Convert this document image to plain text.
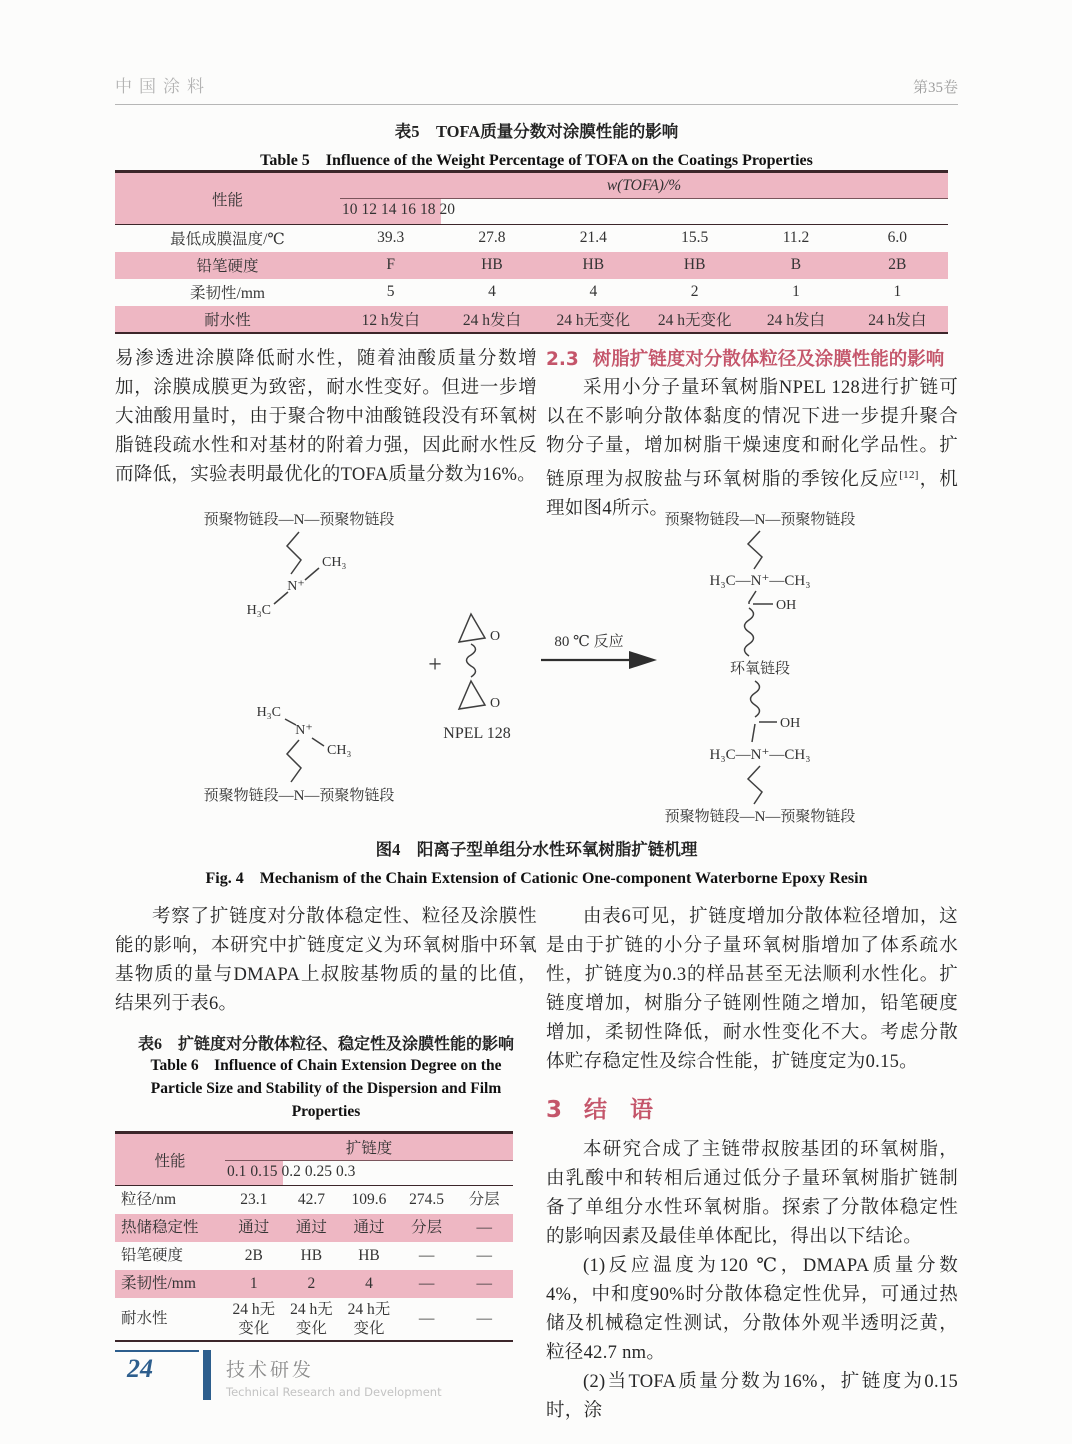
中国涂料	第35卷
表5　TOFA质量分数对涂膜性能的影响
Table 5　Influence of the Weight Percentage of TOFA on the Coatings Properties
性能	w(TOFA)/%

10 12 14 16 18 20
最低成膜温度/℃	39.3	27.8	21.4	15.5	11.2	6.0
铅笔硬度	F	HB	HB	HB	B	2B
柔韧性/mm	5	4	4	2	1	1
耐水性	12 h发白	24 h发白	24 h无变化	24 h无变化	24 h发白	24 h发白

易渗透进涂膜降低耐水性，随着油酸质量分数增加，涂膜成膜更为致密，耐水性变好。但进一步增大油酸用量时，由于聚合物中油酸链段没有环氧树脂链段疏水性和对基材的附着力强，因此耐水性反而降低，实验表明最优化的TOFA质量分数为16%。

2.3 树脂扩链度对分散体粒径及涂膜性能的影响

采用小分子量环氧树脂NPEL 128进行扩链可以在不影响分散体黏度的情况下进一步提升聚合物分子量，增加树脂干燥速度和耐化学品性。扩链原理为叔胺盐与环氧树脂的季铵化反应[12]，机理如图4所示。

预聚物链段—N—预聚物链段
N⁺
CH₃
H₃C
H₃C
N⁺
CH₃
预聚物链段—N—预聚物链段
+
O
O
NPEL 128
80 ℃ 反应
预聚物链段—N—预聚物链段
H₃C—N⁺—CH₃
OH
环氧链段
OH
H₃C—N⁺—CH₃
预聚物链段—N—预聚物链段
图4　阳离子型单组分水性环氧树脂扩链机理
Fig. 4　Mechanism of the Chain Extension of Cationic One-component Waterborne Epoxy Resin

考察了扩链度对分散体稳定性、粒径及涂膜性能的影响，本研究中扩链度定义为环氧树脂中环氧基物质的量与DMAPA上叔胺基物质的量的比值，结果列于表6。

表6　扩链度对分散体粒径、稳定性及涂膜性能的影响
Table 6　Influence of Chain Extension Degree on the
Particle Size and Stability of the Dispersion and Film
Properties
性能	扩链度

0.1 0.15 0.2 0.25 0.3
粒径/nm	23.1	42.7	109.6	274.5	分层
热储稳定性	通过	通过	通过	分层	—
铅笔硬度	2B	HB	HB	—	—
柔韧性/mm	1	2	4	—	—
耐水性	24 h无变化	24 h无变化	24 h无变化	—	—

由表6可见，扩链度增加分散体粒径增加，这是由于扩链的小分子量环氧树脂增加了体系疏水性，扩链度为0.3的样品甚至无法顺利水性化。扩链度增加，树脂分子链刚性随之增加，铅笔硬度增加，柔韧性降低，耐水性变化不大。考虑分散体贮存稳定性及综合性能，扩链度定为0.15。

3 结　语

本研究合成了主链带叔胺基团的环氧树脂，由乳酸中和转相后通过低分子量环氧树脂扩链制备了单组分水性环氧树脂。探索了分散体稳定性的影响因素及最佳单体配比，得出以下结论。

(1)反应温度为120 ℃，DMAPA质量分数4%，中和度90%时分散体稳定性优异，可通过热储及机械稳定性测试，分散体外观半透明泛黄，粒径42.7 nm。

(2)当TOFA质量分数为16%，扩链度为0.15时，涂

24	技术研发
Technical Research and Development
